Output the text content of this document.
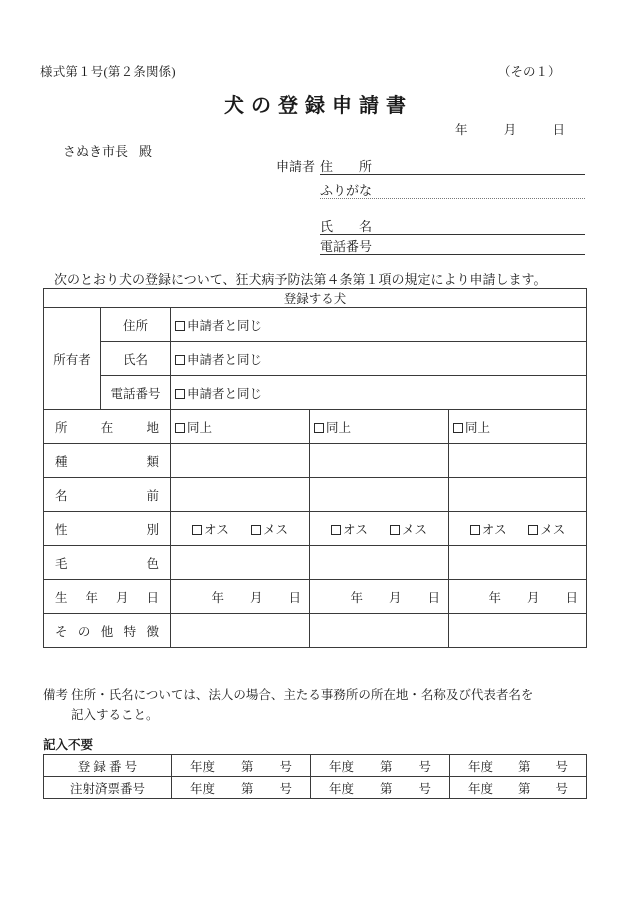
様式第１号(第２条関係)	（その１）
犬の登録申請書
年	月	日
さぬき市長 殿
申請者 住　　所
ふりがな
氏　　名
電話番号
次のとおり犬の登録について、狂犬病予防法第４条第１項の規定により申請します。
登録する犬				
所有者	住所	申請者と同じ		
	氏名	申請者と同じ		
	電話番号	申請者と同じ		
所 在 地		同上	同上	同上
種　　類				
名　　前				
性　　別		オス メス	オス メス	オス メス

毛　　色				
生 年 月 日		年 月 日	年 月 日	年 月 日

その他特徴				
備考 住所・氏名については、法人の場合、主たる事務所の所在地・名称及び代表者名を
記入すること。
記入不要
登 録 番 号	年度 第 号	年度 第 号	年度 第 号

注射済票番号	年度 第 号	年度 第 号	年度 第 号
